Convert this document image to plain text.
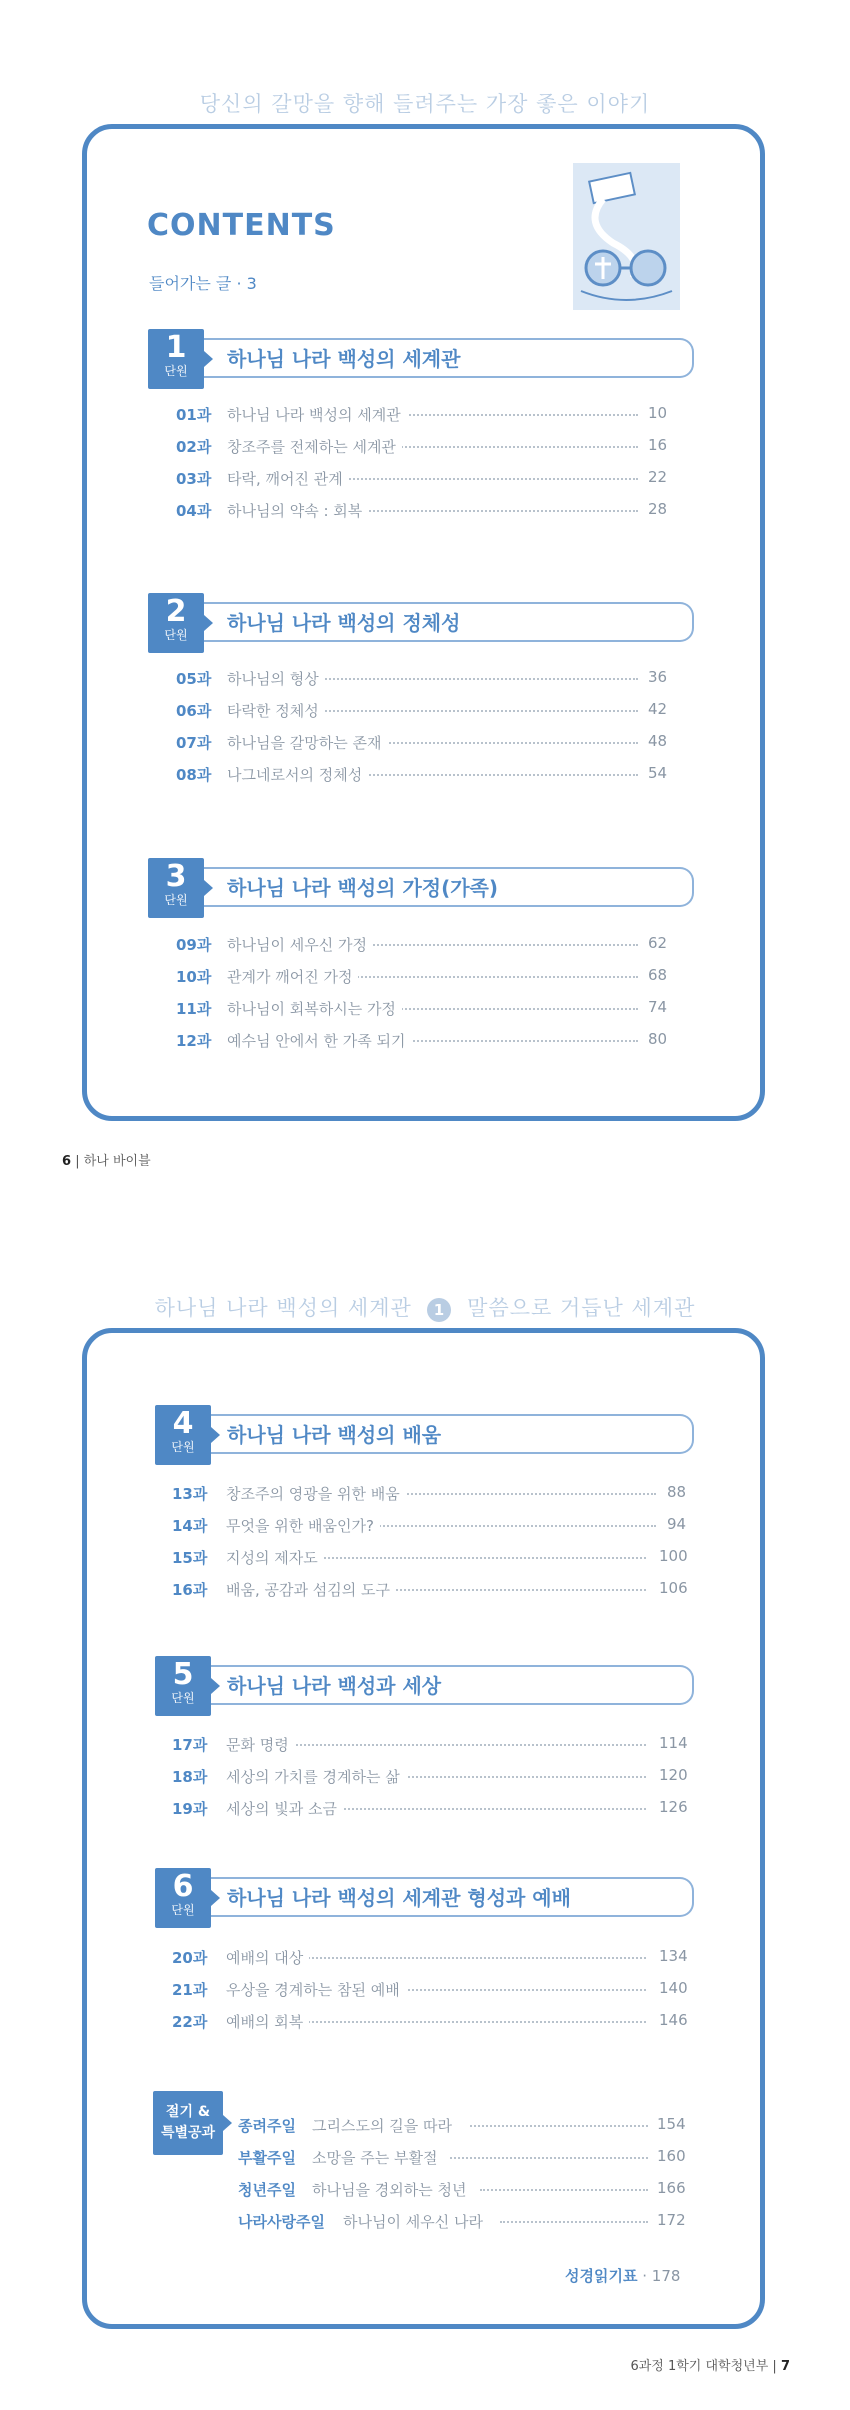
당신의 갈망을 향해 들려주는 가장 좋은 이야기
CONTENTS
들어가는 글 · 3
1
단원	하나님 나라 백성의 세계관
01과 하나님 나라 백성의 세계관	10
02과 창조주를 전제하는 세계관	16
03과 타락, 깨어진 관계	22
04과 하나님의 약속 : 회복	28
2
단원	하나님 나라 백성의 정체성
05과 하나님의 형상	36
06과 타락한 정체성	42
07과 하나님을 갈망하는 존재	48
08과 나그네로서의 정체성	54
3
단원	하나님 나라 백성의 가정(가족)
09과 하나님이 세우신 가정	62
10과 관계가 깨어진 가정	68
11과 하나님이 회복하시는 가정	74
12과 예수님 안에서 한 가족 되기	80
6 | 하나 바이블
하나님 나라 백성의 세계관 1 말씀으로 거듭난 세계관
4
단원	하나님 나라 백성의 배움
13과 창조주의 영광을 위한 배움	88
14과 무엇을 위한 배움인가?	94
15과 지성의 제자도	100
16과 배움, 공감과 섬김의 도구	106
5
단원	하나님 나라 백성과 세상
17과 문화 명령	114
18과 세상의 가치를 경계하는 삶	120
19과 세상의 빛과 소금	126
6
단원	하나님 나라 백성의 세계관 형성과 예배
20과 예배의 대상	134
21과 우상을 경계하는 참된 예배	140
22과 예배의 회복	146
절기 &
특별공과	종려주일 그리스도의 길을 따라	154
부활주일 소망을 주는 부활절	160
청년주일 하나님을 경외하는 청년	166
나라사랑주일 하나님이 세우신 나라	172
성경읽기표 · 178
6과정 1학기 대학청년부 | 7
